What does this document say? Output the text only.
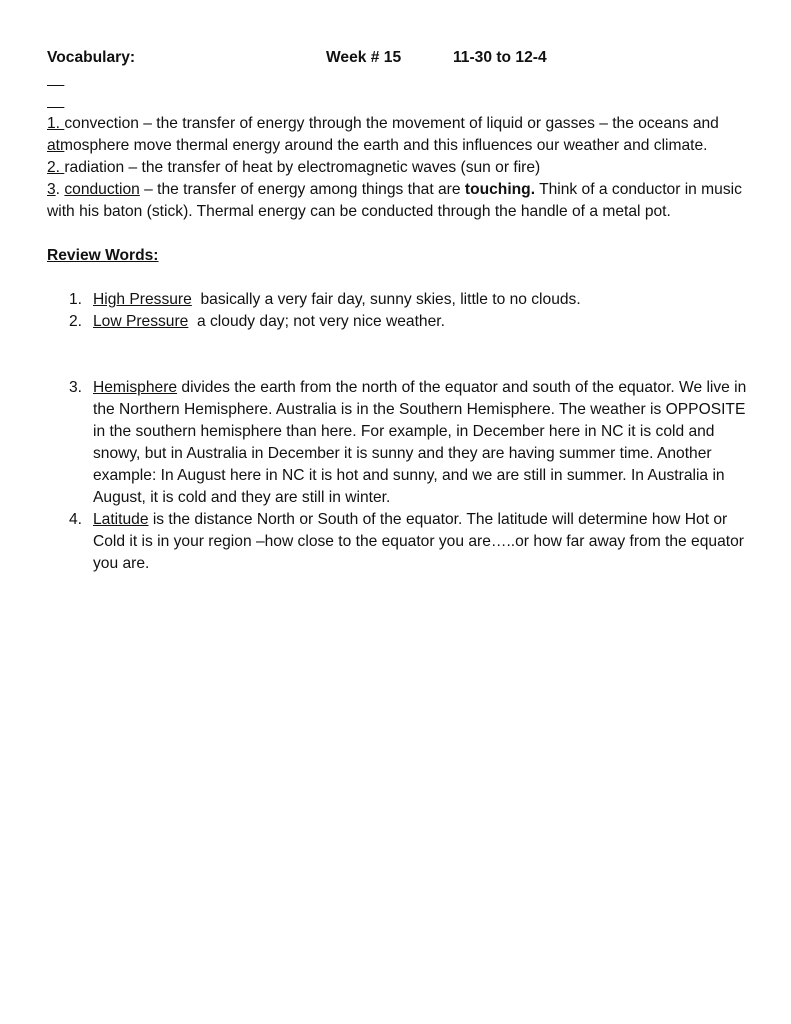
Vocabulary:

	Week # 15

	11-30 to 12-4

1. convection – the transfer of energy through the movement of liquid or gasses – the oceans and atmosphere move thermal energy around the earth and this influences our weather and climate.

2. radiation – the transfer of heat by electromagnetic waves (sun or fire)

3. conduction – the transfer of energy among things that are touching. Think of a conductor in music with his baton (stick). Thermal energy can be conducted through the handle of a metal pot.

Review Words:
1. High Pressure  basically a very fair day, sunny skies, little to no clouds.
2. Low Pressure  a cloudy day; not very nice weather.
3. Hemisphere divides the earth from the north of the equator and south of the equator. We live in the Northern Hemisphere. Australia is in the Southern Hemisphere. The weather is OPPOSITE in the southern hemisphere than here. For example, in December here in NC it is cold and snowy, but in Australia in December it is sunny and they are having summer time. Another example: In August here in NC it is hot and sunny, and we are still in summer. In Australia in August, it is cold and they are still in winter.
4. Latitude is the distance North or South of the equator. The latitude will determine how Hot or Cold it is in your region –how close to the equator you are…..or how far away from the equator you are.
